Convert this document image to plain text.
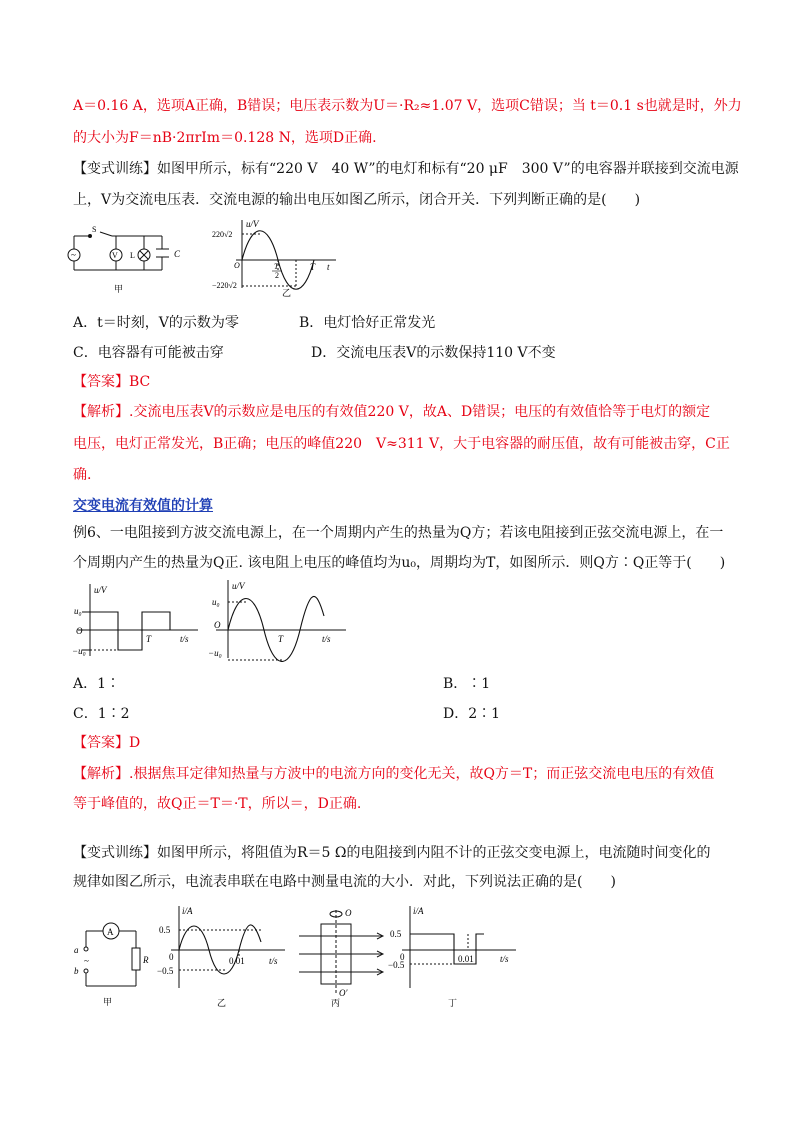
A＝0.16 A，选项A正确，B错误；电压表示数为U＝·R₂≈1.07 V，选项C错误；当 t＝0.1 s也就是时，外力
的大小为F＝nB·2πrIm＝0.128 N，选项D正确.
【变式训练】如图甲所示，标有“220 V　40 W”的电灯和标有“20 μF　300 V”的电容器并联接到交流电源
上，V为交流电压表．交流电源的输出电压如图乙所示，闭合开关．下列判断正确的是(　　)
~
S
V L	C
甲
u/V
220√2
−220√2
O	T
2
T t
乙
A．t＝时刻，V的示数为零	B．电灯恰好正常发光
C．电容器有可能被击穿	D．交流电压表V的示数保持110 V不变
【答案】BC
【解析】.交流电压表V的示数应是电压的有效值220 V，故A、D错误；电压的有效值恰等于电灯的额定
电压，电灯正常发光，B正确；电压的峰值220　V≈311 V，大于电容器的耐压值，故有可能被击穿，C正
确.
交变电流有效值的计算
例6、一电阻接到方波交流电源上，在一个周期内产生的热量为Q方；若该电阻接到正弦交流电源上，在一
个周期内产生的热量为Q正. 该电阻上电压的峰值均为u₀，周期均为T，如图所示．则Q方∶Q正等于(　　)
u/V
u₀
−u₀
O
T	t/s
u/V
u₀
−u₀
O
T	t/s
A．1∶	B．∶1
C．1∶2	D．2∶1
【答案】D
【解析】.根据焦耳定律知热量与方波中的电流方向的变化无关，故Q方＝T；而正弦交流电电压的有效值
等于峰值的，故Q正＝T＝·T，所以＝，D正确.
【变式训练】如图甲所示，将阻值为R＝5 Ω的电阻接到内阻不计的正弦交变电源上，电流随时间变化的
规律如图乙所示，电流表串联在电路中测量电流的大小．对此，下列说法正确的是(　　)
A
a
b
~	R
甲
i/A
0.5
−0.5
0	0.01	t/s
乙
O
O′
丙
i/A
0.5
−0.5
0	0.01	t/s
丁
